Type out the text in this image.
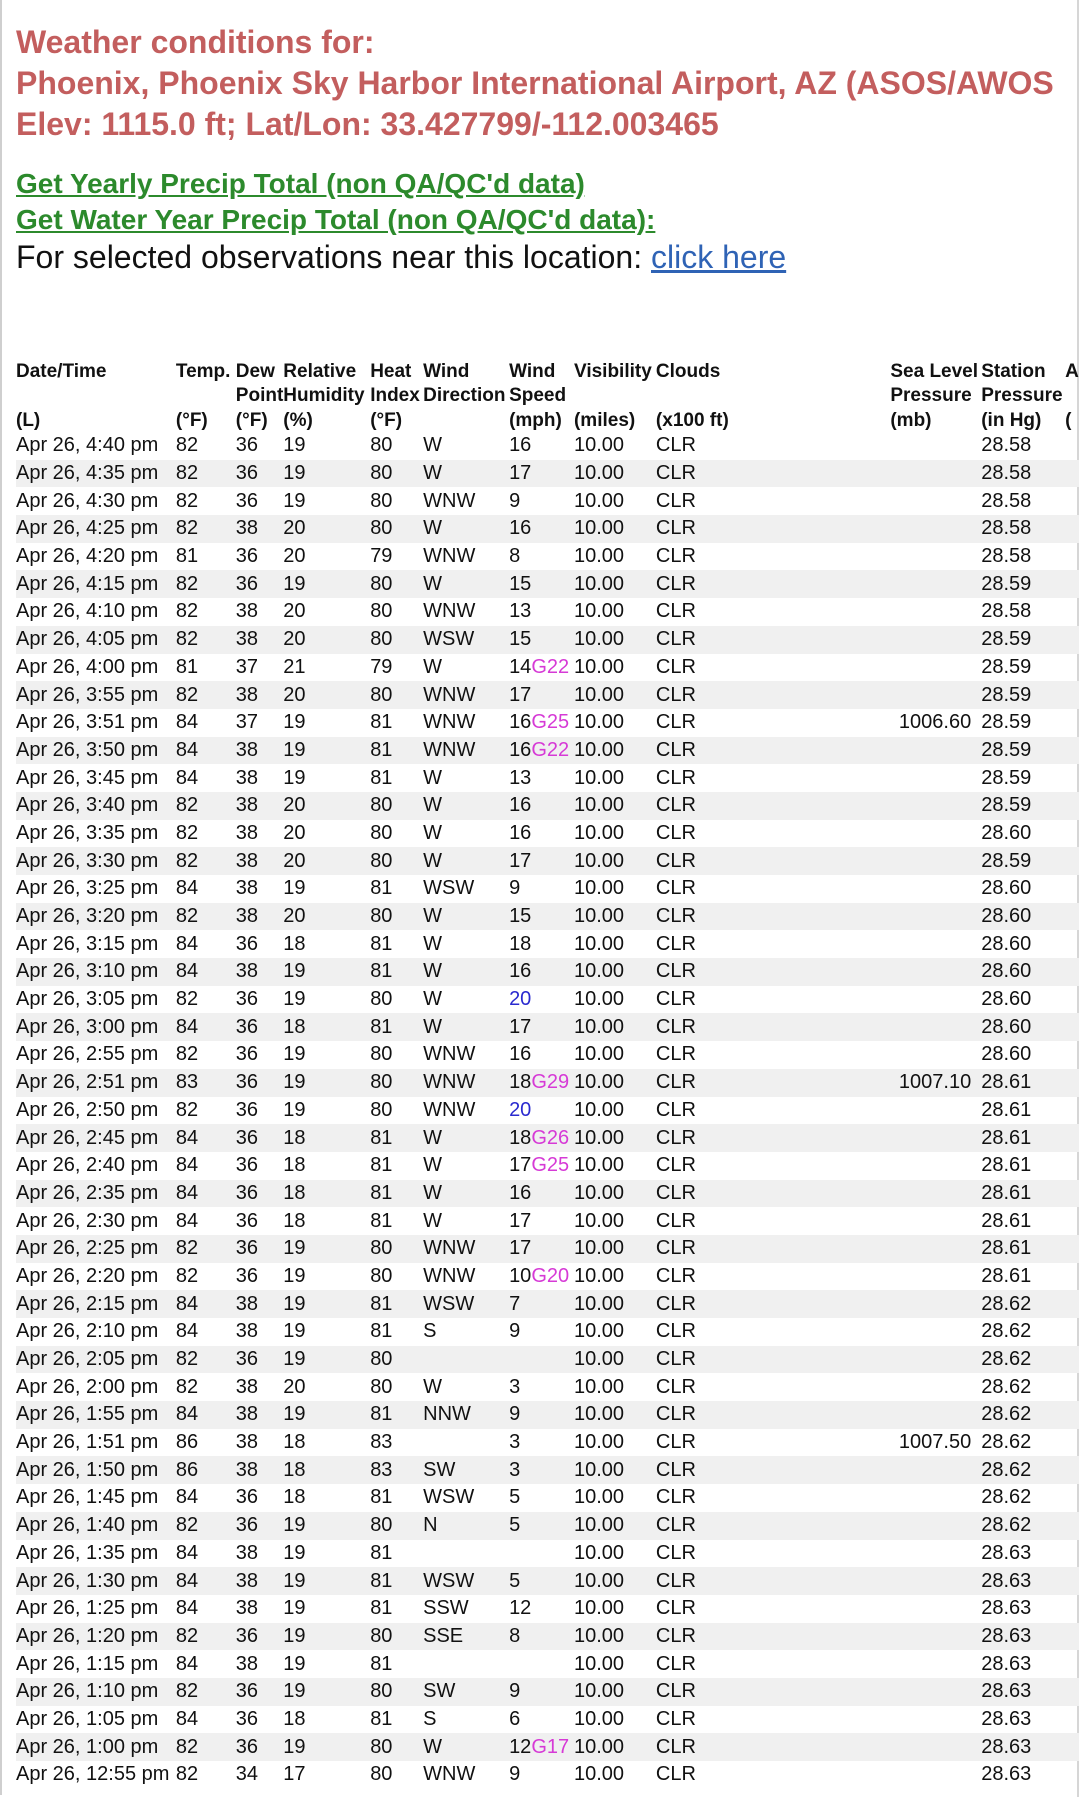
Weather conditions for:
Phoenix, Phoenix Sky Harbor International Airport, AZ (ASOS/AWOS
Elev: 1115.0 ft; Lat/Lon: 33.427799/-112.003465
Get Yearly Precip Total (non QA/QC'd data)
Get Water Year Precip Total (non QA/QC'd data):
For selected observations near this location: click here
Date/Time	Temp.	Dew Point	Relative Humidity	Heat Index	Wind Direction	Wind Speed	Visibility	Clouds	Sea Level Pressure	Station Pressure	A
(L)	(°F)	(°F)	(%)	(°F)		(mph)	(miles)	(x100 ft)	(mb)	(in Hg)	(
Apr 26, 4:40 pm	82	36	19	80	W	16	10.00	CLR		28.58	
Apr 26, 4:35 pm	82	36	19	80	W	17	10.00	CLR		28.58	
Apr 26, 4:30 pm	82	36	19	80	WNW	9	10.00	CLR		28.58	
Apr 26, 4:25 pm	82	38	20	80	W	16	10.00	CLR		28.58	
Apr 26, 4:20 pm	81	36	20	79	WNW	8	10.00	CLR		28.58	
Apr 26, 4:15 pm	82	36	19	80	W	15	10.00	CLR		28.59	
Apr 26, 4:10 pm	82	38	20	80	WNW	13	10.00	CLR		28.58	
Apr 26, 4:05 pm	82	38	20	80	WSW	15	10.00	CLR		28.59	
Apr 26, 4:00 pm	81	37	21	79	W	14G22	10.00	CLR		28.59	
Apr 26, 3:55 pm	82	38	20	80	WNW	17	10.00	CLR		28.59	
Apr 26, 3:51 pm	84	37	19	81	WNW	16G25	10.00	CLR	1006.60	28.59	
Apr 26, 3:50 pm	84	38	19	81	WNW	16G22	10.00	CLR		28.59	
Apr 26, 3:45 pm	84	38	19	81	W	13	10.00	CLR		28.59	
Apr 26, 3:40 pm	82	38	20	80	W	16	10.00	CLR		28.59	
Apr 26, 3:35 pm	82	38	20	80	W	16	10.00	CLR		28.60	
Apr 26, 3:30 pm	82	38	20	80	W	17	10.00	CLR		28.59	
Apr 26, 3:25 pm	84	38	19	81	WSW	9	10.00	CLR		28.60	
Apr 26, 3:20 pm	82	38	20	80	W	15	10.00	CLR		28.60	
Apr 26, 3:15 pm	84	36	18	81	W	18	10.00	CLR		28.60	
Apr 26, 3:10 pm	84	38	19	81	W	16	10.00	CLR		28.60	
Apr 26, 3:05 pm	82	36	19	80	W	20	10.00	CLR		28.60	
Apr 26, 3:00 pm	84	36	18	81	W	17	10.00	CLR		28.60	
Apr 26, 2:55 pm	82	36	19	80	WNW	16	10.00	CLR		28.60	
Apr 26, 2:51 pm	83	36	19	80	WNW	18G29	10.00	CLR	1007.10	28.61	
Apr 26, 2:50 pm	82	36	19	80	WNW	20	10.00	CLR		28.61	
Apr 26, 2:45 pm	84	36	18	81	W	18G26	10.00	CLR		28.61	
Apr 26, 2:40 pm	84	36	18	81	W	17G25	10.00	CLR		28.61	
Apr 26, 2:35 pm	84	36	18	81	W	16	10.00	CLR		28.61	
Apr 26, 2:30 pm	84	36	18	81	W	17	10.00	CLR		28.61	
Apr 26, 2:25 pm	82	36	19	80	WNW	17	10.00	CLR		28.61	
Apr 26, 2:20 pm	82	36	19	80	WNW	10G20	10.00	CLR		28.61	
Apr 26, 2:15 pm	84	38	19	81	WSW	7	10.00	CLR		28.62	
Apr 26, 2:10 pm	84	38	19	81	S	9	10.00	CLR		28.62	
Apr 26, 2:05 pm	82	36	19	80			10.00	CLR		28.62	
Apr 26, 2:00 pm	82	38	20	80	W	3	10.00	CLR		28.62	
Apr 26, 1:55 pm	84	38	19	81	NNW	9	10.00	CLR		28.62	
Apr 26, 1:51 pm	86	38	18	83		3	10.00	CLR	1007.50	28.62	
Apr 26, 1:50 pm	86	38	18	83	SW	3	10.00	CLR		28.62	
Apr 26, 1:45 pm	84	36	18	81	WSW	5	10.00	CLR		28.62	
Apr 26, 1:40 pm	82	36	19	80	N	5	10.00	CLR		28.62	
Apr 26, 1:35 pm	84	38	19	81			10.00	CLR		28.63	
Apr 26, 1:30 pm	84	38	19	81	WSW	5	10.00	CLR		28.63	
Apr 26, 1:25 pm	84	38	19	81	SSW	12	10.00	CLR		28.63	
Apr 26, 1:20 pm	82	36	19	80	SSE	8	10.00	CLR		28.63	
Apr 26, 1:15 pm	84	38	19	81			10.00	CLR		28.63	
Apr 26, 1:10 pm	82	36	19	80	SW	9	10.00	CLR		28.63	
Apr 26, 1:05 pm	84	36	18	81	S	6	10.00	CLR		28.63	
Apr 26, 1:00 pm	82	36	19	80	W	12G17	10.00	CLR		28.63	
Apr 26, 12:55 pm	82	34	17	80	WNW	9	10.00	CLR		28.63	
